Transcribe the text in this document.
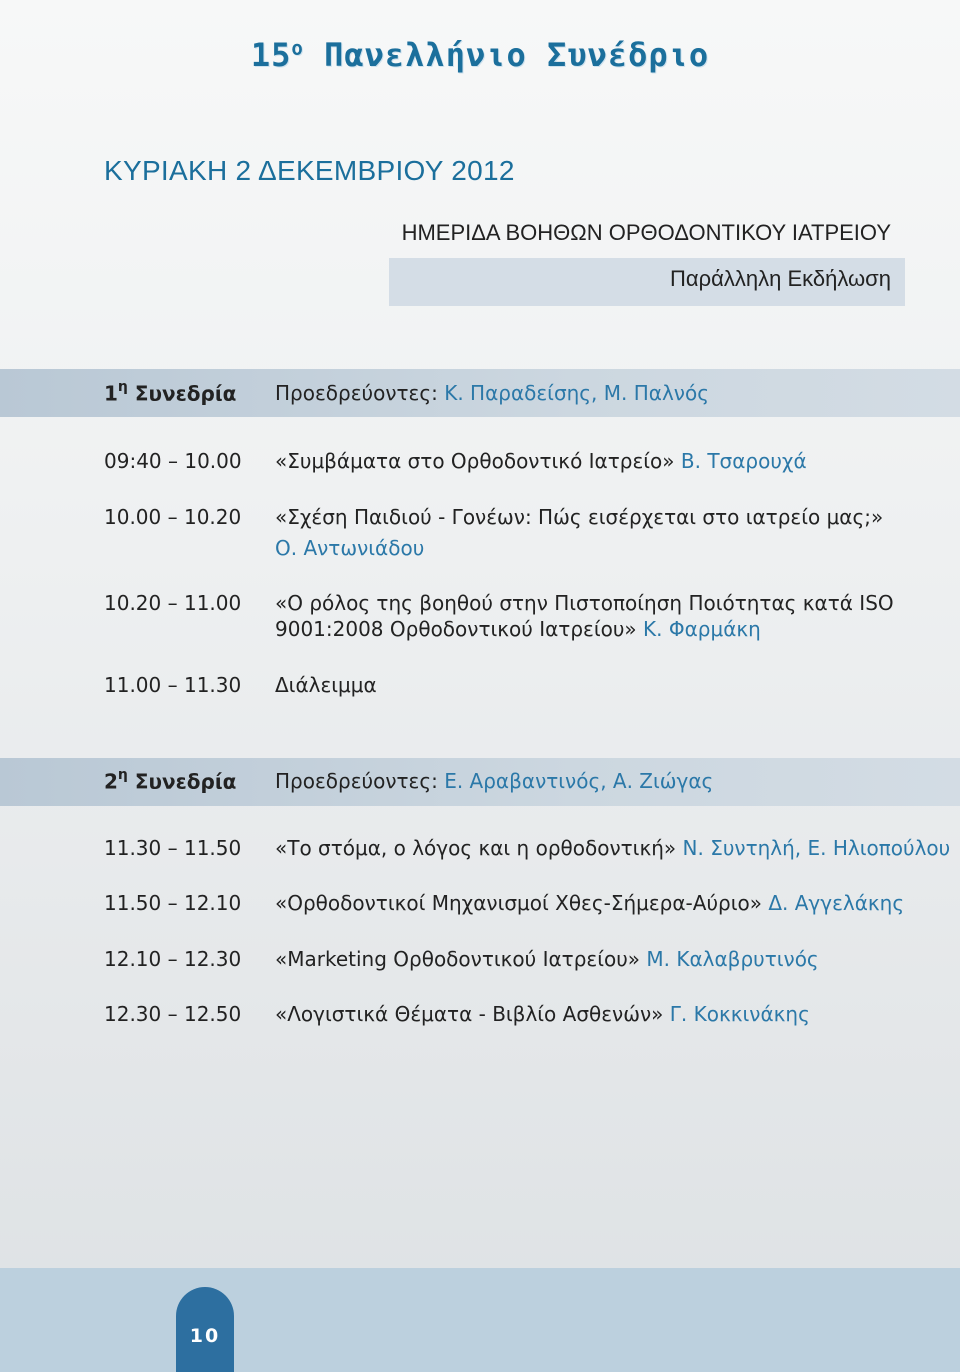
$15^o$ Πανελλήνιο Συνέδριο
ΚΥΡΙΑΚΗ 2 ΔΕΚΕΜΒΡΙΟΥ 2012
ΗΜΕΡΙΔΑ ΒΟΗΘΩΝ ΟΡΘΟΔΟΝΤΙΚΟΥ ΙΑΤΡΕΙΟΥ
Παράλληλη Εκδήλωση
$1^\eta$ Συνεδρία Προεδρεύοντες: Κ. Παραδείσης, Μ. Παλνός
09:40 – 10.00 «Συμβάματα στο Ορθοδοντικό Ιατρείο» Β. Τσαρουχά
10.00 – 10.20 «Σχέση Παιδιού - Γονέων: Πώς εισέρχεται στο ιατρείο μας;»
Ο. Αντωνιάδου
10.20 – 11.00 «Ο ρόλος της βοηθού στην Πιστοποίηση Ποιότητας κατά ISO
9001:2008 Ορθοδοντικού Ιατρείου» Κ. Φαρμάκη
11.00 – 11.30 Διάλειμμα
$2^\eta$ Συνεδρία Προεδρεύοντες: Ε. Αραβαντινός, Α. Ζιώγας
11.30 – 11.50 «Το στόμα, ο λόγος και η ορθοδοντική» Ν. Συντηλή, Ε. Ηλιοπούλου
11.50 – 12.10 «Ορθοδοντικοί Μηχανισμοί Χθες-Σήμερα-Αύριο» Δ. Αγγελάκης
12.10 – 12.30 «Marketing Ορθοδοντικού Ιατρείου» Μ. Καλαβρυτινός
12.30 – 12.50 «Λογιστικά Θέματα - Βιβλίο Ασθενών» Γ. Κοκκινάκης
10
